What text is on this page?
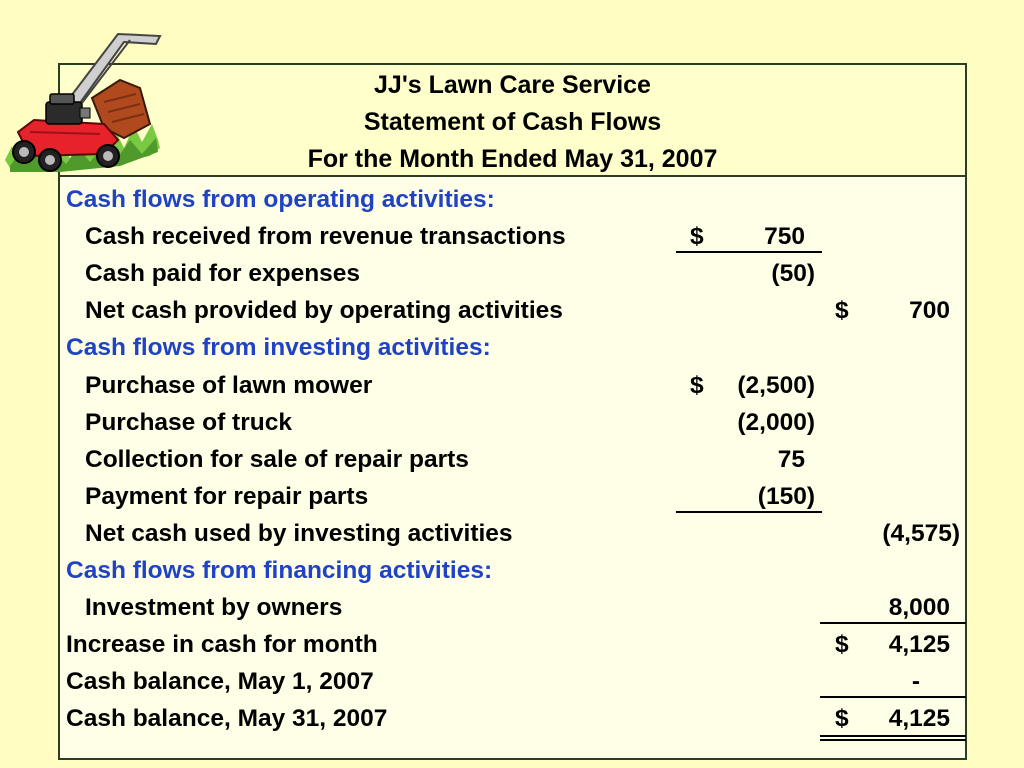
JJ's Lawn Care Service
Statement of Cash Flows
For the Month Ended May 31, 2007
Cash flows from operating activities:
Cash received from revenue transactions	$	750
Cash paid for expenses	(50)
Net cash provided by operating activities	$	700
Cash flows from investing activities:
Purchase of lawn mower	$	(2,500)
Purchase of truck	(2,000)
Collection for sale of repair parts	75
Payment for repair parts	(150)
Net cash used by investing activities	(4,575)
Cash flows from financing activities:
Investment by owners	8,000
Increase in cash for month	$	4,125
Cash balance, May 1, 2007	-
Cash balance, May 31, 2007	$	4,125
